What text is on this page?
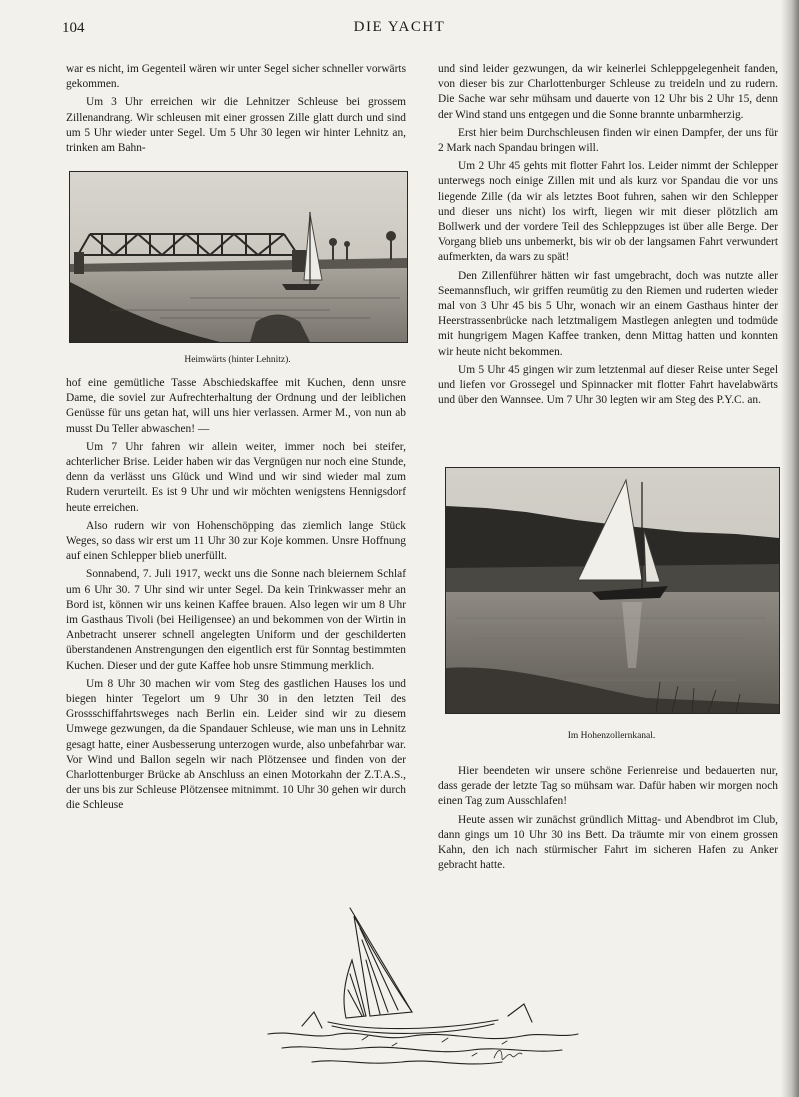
104	DIE YACHT

war es nicht, im Gegenteil wären wir unter Segel sicher schneller vorwärts gekommen.

Um 3 Uhr erreichen wir die Lehnitzer Schleuse bei grossem Zillenandrang. Wir schleusen mit einer grossen Zille glatt durch und sind um 5 Uhr wieder unter Segel. Um 5 Uhr 30 legen wir hinter Lehnitz an, trinken am Bahn-

Heimwärts (hinter Lehnitz).

hof eine gemütliche Tasse Abschiedskaffee mit Kuchen, denn unsre Dame, die soviel zur Aufrechterhaltung der Ordnung und der leiblichen Genüsse für uns getan hat, will uns hier verlassen. Armer M., von nun ab musst Du Teller abwaschen! —

Um 7 Uhr fahren wir allein weiter, immer noch bei steifer, achterlicher Brise. Leider haben wir das Vergnügen nur noch eine Stunde, denn da verlässt uns Glück und Wind und wir sind wieder mal zum Rudern verurteilt. Es ist 9 Uhr und wir möchten wenigstens Hennigsdorf heute erreichen.

Also rudern wir von Hohenschöpping das ziemlich lange Stück Weges, so dass wir erst um 11 Uhr 30 zur Koje kommen. Unsre Hoffnung auf einen Schlepper blieb unerfüllt.

Sonnabend, 7. Juli 1917, weckt uns die Sonne nach bleiernem Schlaf um 6 Uhr 30. 7 Uhr sind wir unter Segel. Da kein Trinkwasser mehr an Bord ist, können wir uns keinen Kaffee brauen. Also legen wir um 8 Uhr im Gasthaus Tivoli (bei Heiligensee) an und bekommen von der Wirtin in Anbetracht unserer schnell angelegten Uniform und der geschilderten überstandenen Anstrengungen den eigentlich erst für Sonntag bestimmten Kuchen. Dieser und der gute Kaffee hob unsre Stimmung merklich.

Um 8 Uhr 30 machen wir vom Steg des gastlichen Hauses los und biegen hinter Tegelort um 9 Uhr 30 in den letzten Teil des Grossschiffahrtsweges nach Berlin ein. Leider sind wir zu diesem Umwege gezwungen, da die Spandauer Schleuse, wie man uns in Lehnitz gesagt hatte, einer Ausbesserung unterzogen wurde, also unbefahrbar war. Vor Wind und Ballon segeln wir nach Plötzensee und finden von der Charlottenburger Brücke ab Anschluss an einen Motorkahn der Z.T.A.S., der uns bis zur Schleuse Plötzensee mitnimmt. 10 Uhr 30 gehen wir durch die Schleuse

und sind leider gezwungen, da wir keinerlei Schleppgelegenheit fanden, von dieser bis zur Charlottenburger Schleuse zu treideln und zu rudern. Die Sache war sehr mühsam und dauerte von 12 Uhr bis 2 Uhr 15, denn der Wind stand uns entgegen und die Sonne brannte unbarmherzig.

Erst hier beim Durchschleusen finden wir einen Dampfer, der uns für 2 Mark nach Spandau bringen will.

Um 2 Uhr 45 gehts mit flotter Fahrt los. Leider nimmt der Schlepper unterwegs noch einige Zillen mit und als kurz vor Spandau die vor uns liegende Zille (da wir als letztes Boot fuhren, sahen wir den Schlepper und dieser uns nicht) los wirft, liegen wir mit dieser plötzlich am Bollwerk und der vordere Teil des Schleppzuges ist über alle Berge. Der Vorgang blieb uns unbemerkt, bis wir ob der langsamen Fahrt verwundert aufmerkten, da wars zu spät!

Den Zillenführer hätten wir fast umgebracht, doch was nutzte aller Seemannsfluch, wir griffen reumütig zu den Riemen und ruderten wieder mal von 3 Uhr 45 bis 5 Uhr, wonach wir an einem Gasthaus hinter der Heerstrassenbrücke nach letztmaligem Mastlegen anlegten und todmüde mit hungrigem Magen Kaffee tranken, denn Mittag hatten und konnten wir heute nicht bekommen.

Um 5 Uhr 45 gingen wir zum letztenmal auf dieser Reise unter Segel und liefen vor Grossegel und Spinnacker mit flotter Fahrt havelabwärts und über den Wannsee. Um 7 Uhr 30 legten wir am Steg des P.Y.C. an.

Im Hohenzollernkanal.

Hier beendeten wir unsere schöne Ferienreise und bedauerten nur, dass gerade der letzte Tag so mühsam war. Dafür haben wir morgen noch einen Tag zum Ausschlafen!

Heute assen wir zunächst gründlich Mittag- und Abendbrot im Club, dann gings um 10 Uhr 30 ins Bett. Da träumte mir von einem grossen Kahn, den ich nach stürmischer Fahrt im sicheren Hafen zu Anker gebracht hatte.
